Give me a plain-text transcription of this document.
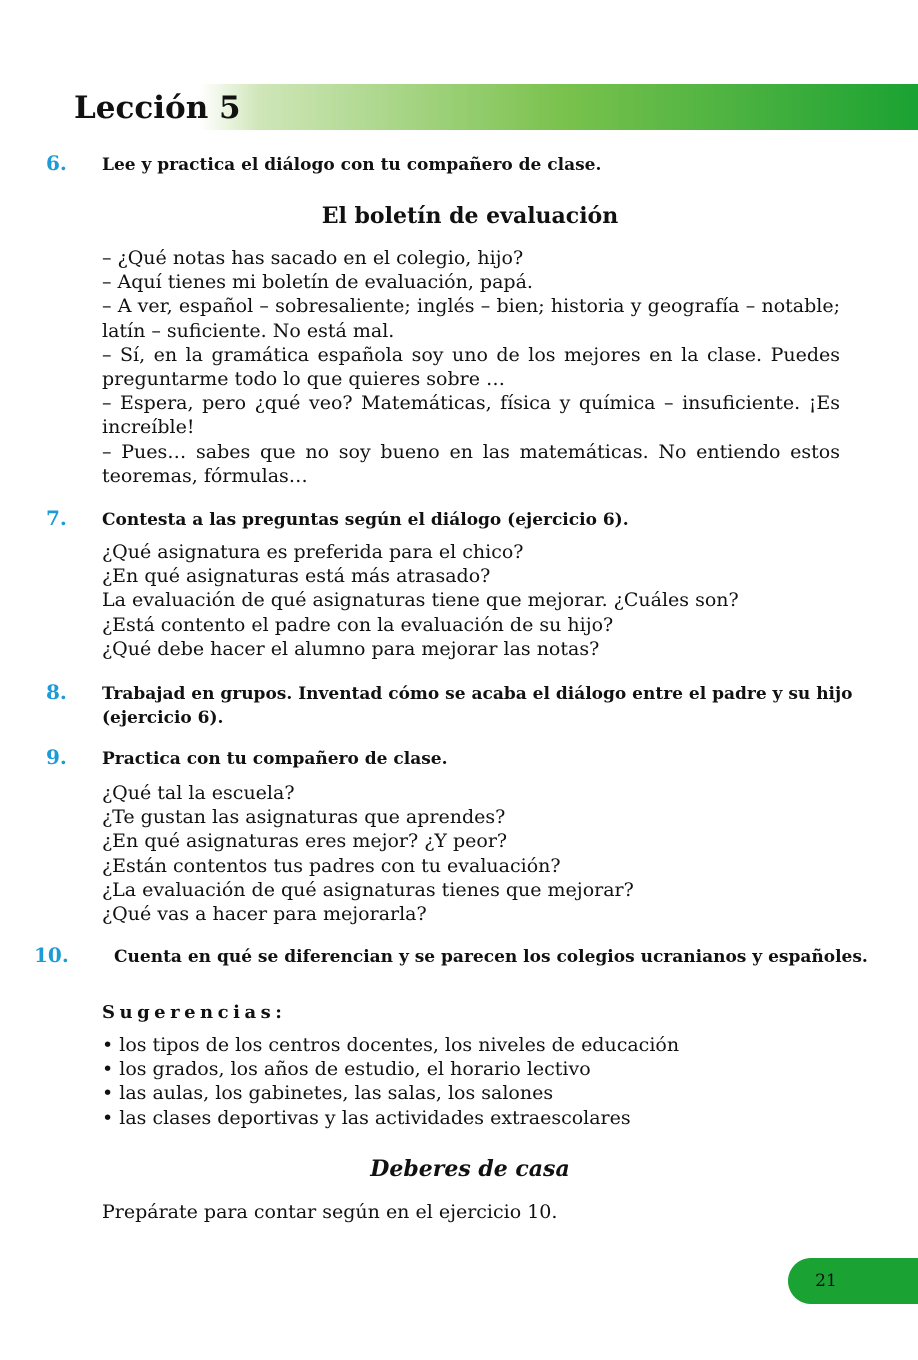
Lección 5
6. Lee y practica el diálogo con tu compañero de clase.
El boletín de evaluación

– ¿Qué notas has sacado en el colegio, hijo?

– Aquí tienes mi boletín de evaluación, papá.

– A ver, español – sobresaliente; inglés – bien; historia y geografía – notable; latín – suficiente. No está mal.

– Sí, en la gramática española soy uno de los mejores en la clase. Puedes preguntarme todo lo que quieres sobre …

– Espera, pero ¿qué veo? Matemáticas, física y química – insuficiente. ¡Es increíble!

– Pues… sabes que no soy bueno en las matemáticas. No entiendo estos teoremas, fórmulas…

7. Contesta a las preguntas según el diálogo (ejercicio 6).

¿Qué asignatura es preferida para el chico?

¿En qué asignaturas está más atrasado?

La evaluación de qué asignaturas tiene que mejorar. ¿Cuáles son?

¿Está contento el padre con la evaluación de su hijo?

¿Qué debe hacer el alumno para mejorar las notas?

8. Trabajad en grupos. Inventad cómo se acaba el diálogo entre el padre y su hijo (ejercicio 6).
9. Practica con tu compañero de clase.

¿Qué tal la escuela?

¿Te gustan las asignaturas que aprendes?

¿En qué asignaturas eres mejor? ¿Y peor?

¿Están contentos tus padres con tu evaluación?

¿La evaluación de qué asignaturas tienes que mejorar?

¿Qué vas a hacer para mejorarla?

10.	Cuenta en qué se diferencian y se parecen los colegios ucranianos y españoles.
Sugerencias:
• los tipos de los centros docentes, los niveles de educación
• los grados, los años de estudio, el horario lectivo
• las aulas, los gabinetes, las salas, los salones
• las clases deportivas y las actividades extraescolares
Deberes de casa
Prepárate para contar según en el ejercicio 10.
21
